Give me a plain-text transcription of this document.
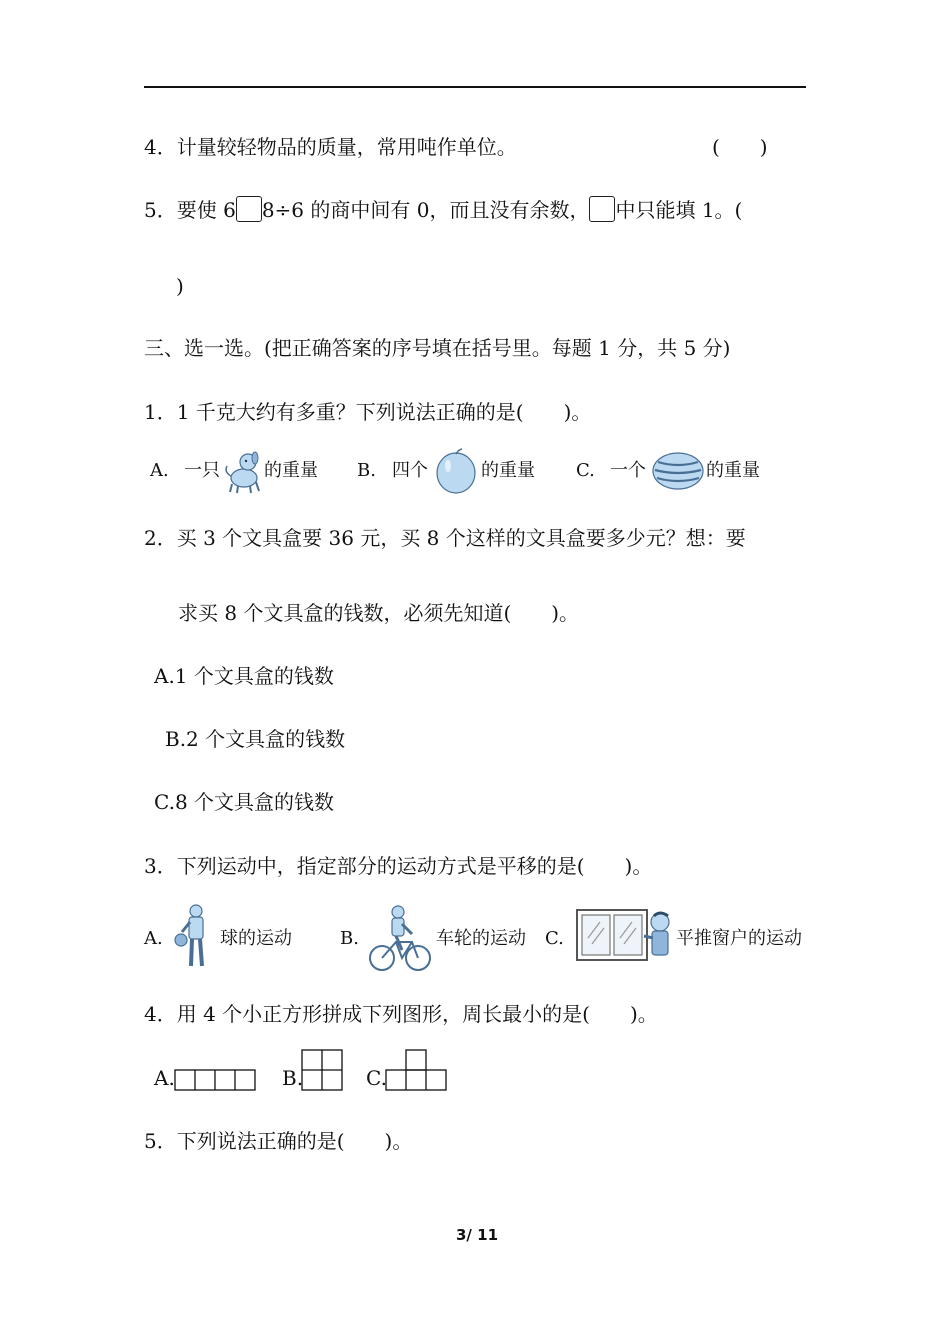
4．计量较轻物品的质量，常用吨作单位。	(　　)
5．要使 6 8÷6 的商中间有 0，而且没有余数， 中只能填 1。(
)
三、选一选。(把正确答案的序号填在括号里。每题 1 分，共 5 分)
1．1 千克大约有多重？下列说法正确的是(　　)。
A. 一只 的重量 B. 四个	的重量 C. 一个	的重量
2．买 3 个文具盒要 36 元，买 8 个这样的文具盒要多少元？想：要
求买 8 个文具盒的钱数，必须先知道(　　)。
A.1 个文具盒的钱数
B.2 个文具盒的钱数
C.8 个文具盒的钱数
3．下列运动中，指定部分的运动方式是平移的是(　　)。
A.	球的运动	B.	车轮的运动 C.	平推窗户的运动
4．用 4 个小正方形拼成下列图形，周长最小的是(　　)。
A.	B.	C.
5．下列说法正确的是(　　)。
3/ 11
